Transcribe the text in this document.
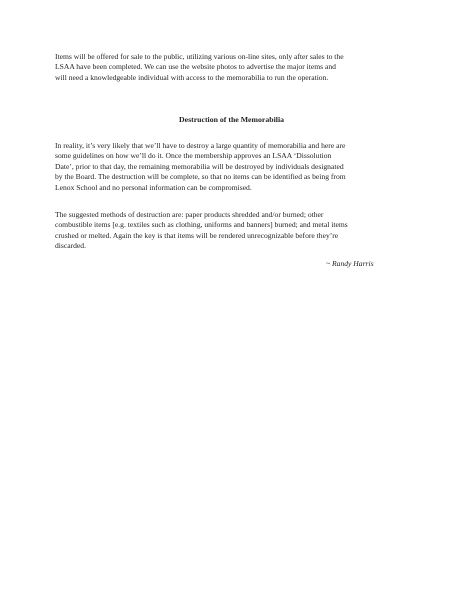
Items will be offered for sale to the public, utilizing various on-line sites, only after sales to the
LSAA have been completed. We can use the website photos to advertise the major items and
will need a knowledgeable individual with access to the memorabilia to run the operation.

Destruction of the Memorabilia

In reality, it’s very likely that we’ll have to destroy a large quantity of memorabilia and here are
some guidelines on how we’ll do it. Once the membership approves an LSAA ‘Dissolution
Date’, prior to that day, the remaining memorabilia will be destroyed by individuals designated
by the Board. The destruction will be complete, so that no items can be identified as being from
Lenox School and no personal information can be compromised.

The suggested methods of destruction are: paper products shredded and/or burned; other
combustible items [e.g. textiles such as clothing, uniforms and banners] burned; and metal items
crushed or melted. Again the key is that items will be rendered unrecognizable before they’re
discarded.

~ Randy Harris
